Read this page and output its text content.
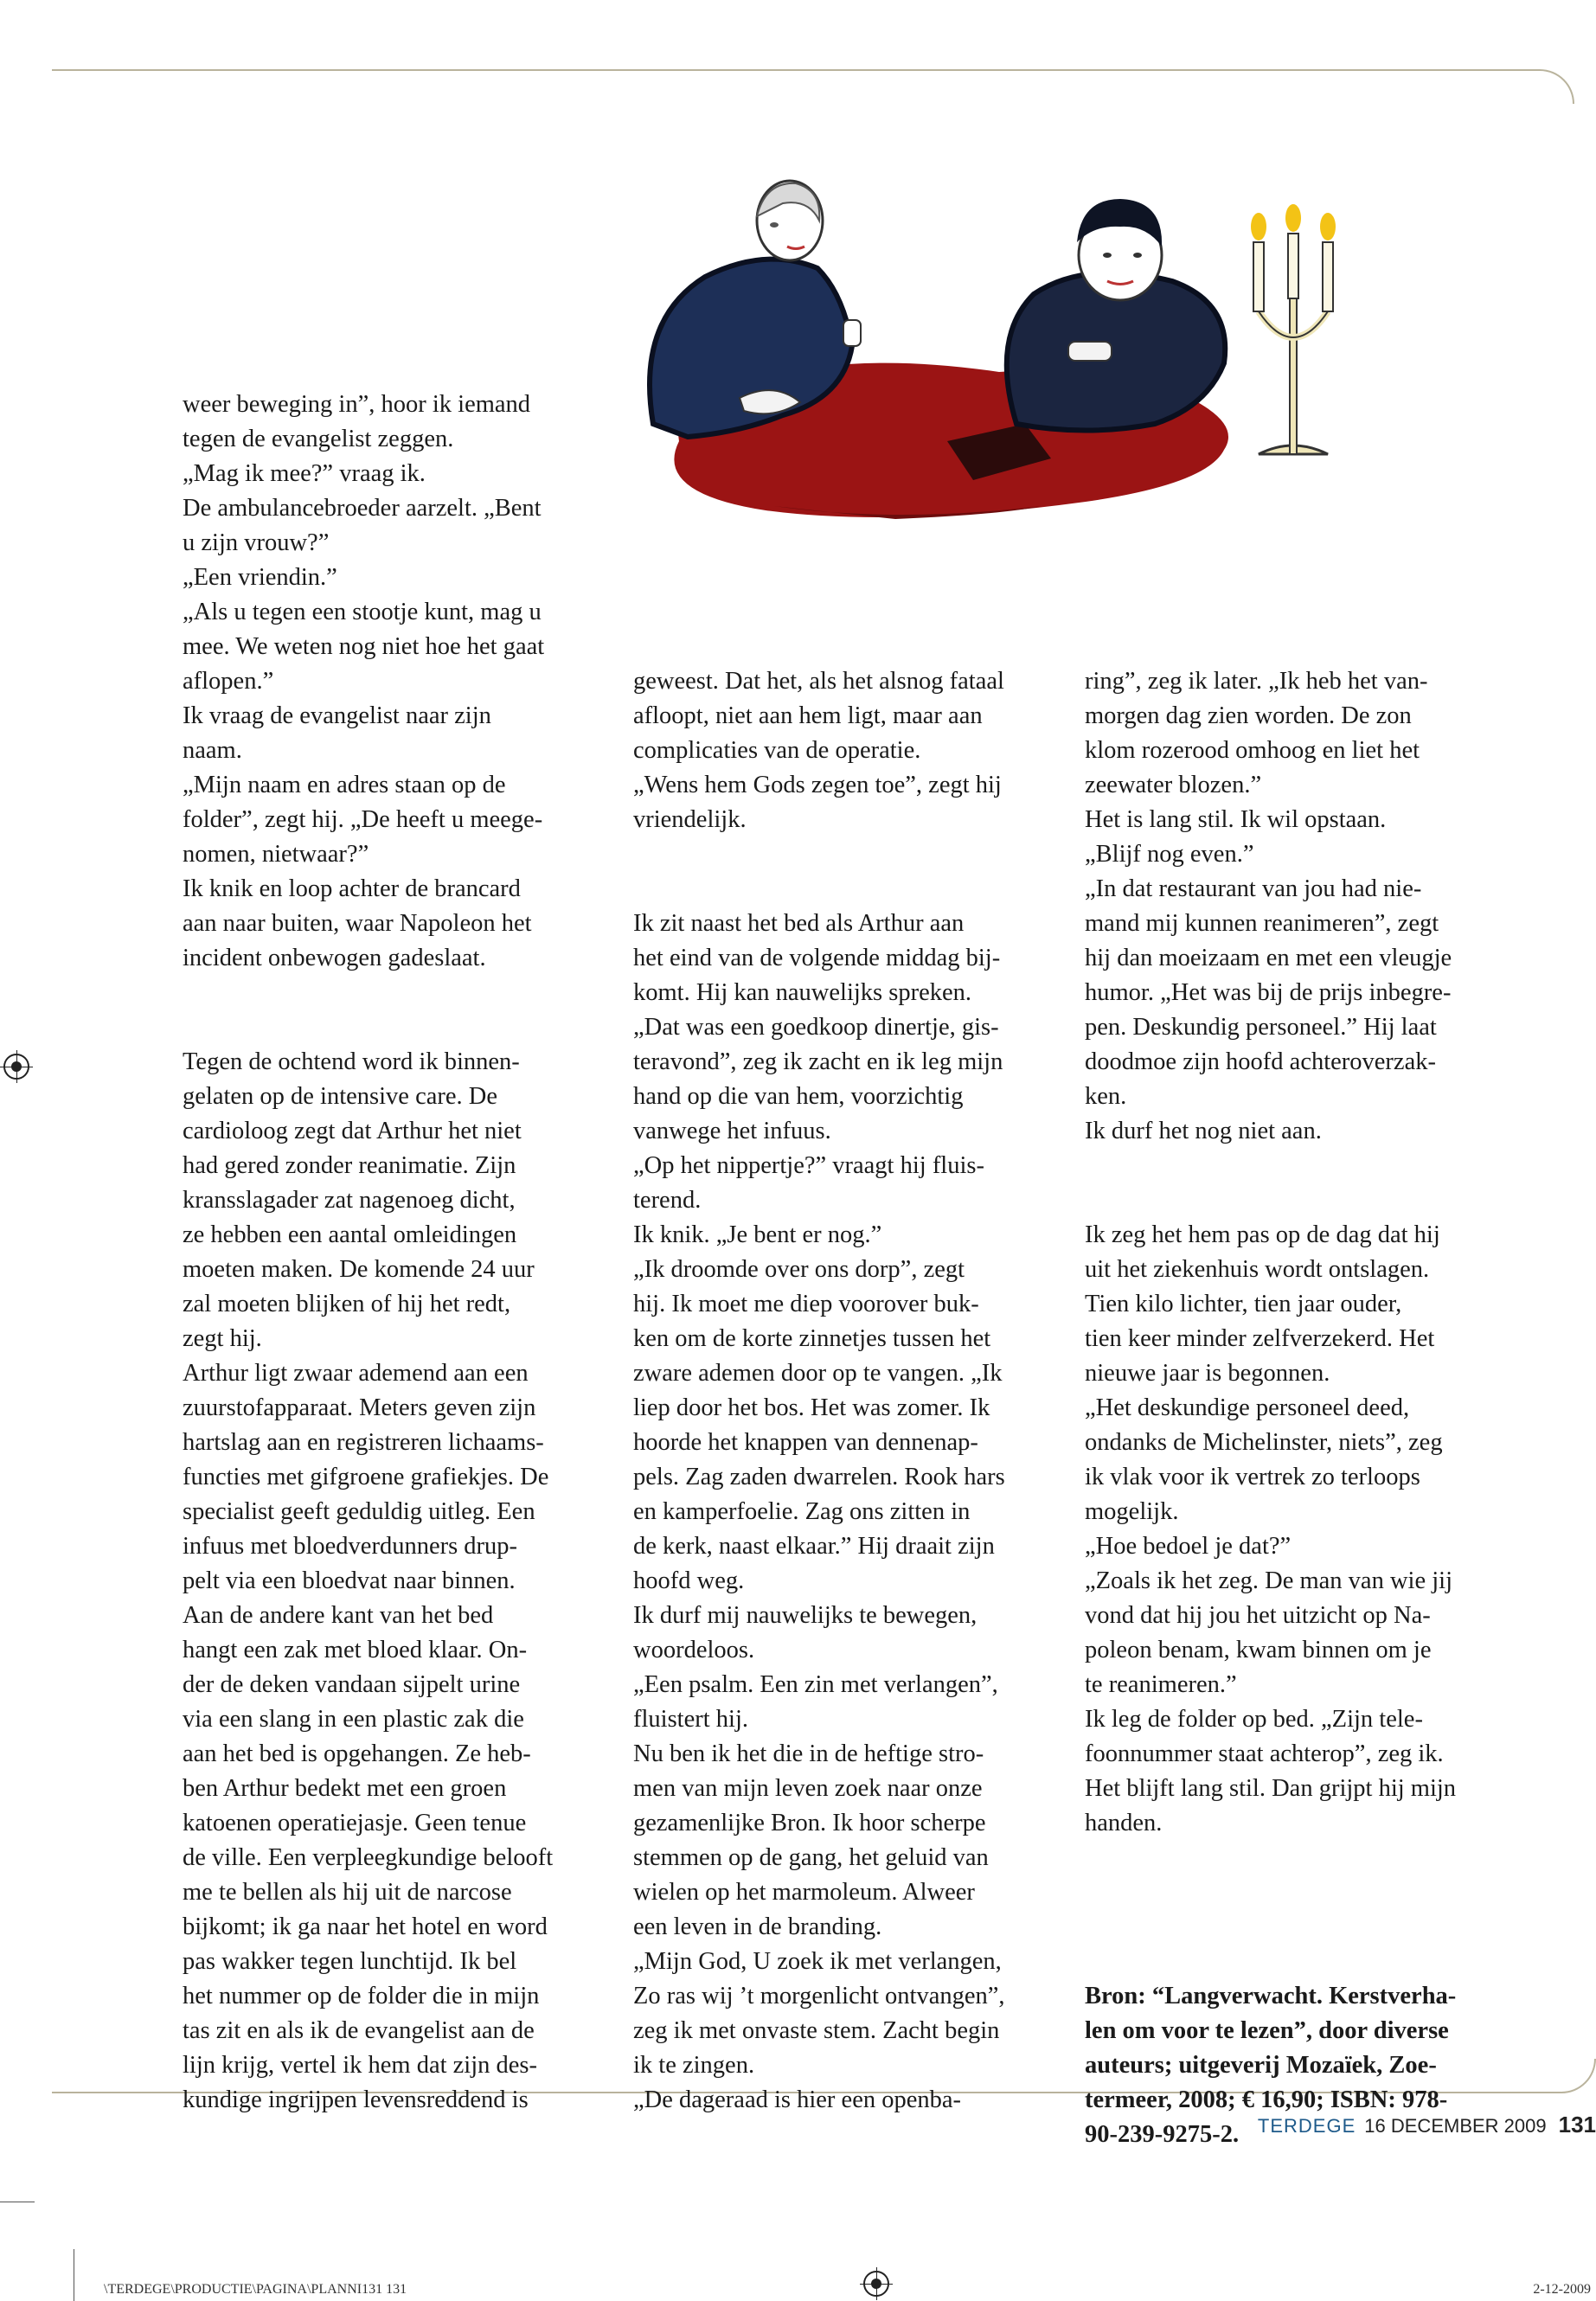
weer beweging in”, hoor ik iemand
tegen de evangelist zeggen.
„Mag ik mee?” vraag ik.
De ambulancebroeder aarzelt. „Bent
u zijn vrouw?”
„Een vriendin.”
„Als u tegen een stootje kunt, mag u
mee. We weten nog niet hoe het gaat
aflopen.”
Ik vraag de evangelist naar zijn
naam.
„Mijn naam en adres staan op de
folder”, zegt hij. „De heeft u meege-
nomen, nietwaar?”
Ik knik en loop achter de brancard
aan naar buiten, waar Napoleon het
incident onbewogen gadeslaat.

Tegen de ochtend word ik binnen-
gelaten op de intensive care. De
cardioloog zegt dat Arthur het niet
had gered zonder reanimatie. Zijn
kransslagader zat nagenoeg dicht,
ze hebben een aantal omleidingen
moeten maken. De komende 24 uur
zal moeten blijken of hij het redt,
zegt hij.
Arthur ligt zwaar ademend aan een
zuurstofapparaat. Meters geven zijn
hartslag aan en registreren lichaams-
functies met gifgroene grafiekjes. De
specialist geeft geduldig uitleg. Een
infuus met bloedverdunners drup-
pelt via een bloedvat naar binnen.
Aan de andere kant van het bed
hangt een zak met bloed klaar. On-
der de deken vandaan sijpelt urine
via een slang in een plastic zak die
aan het bed is opgehangen. Ze heb-
ben Arthur bedekt met een groen
katoenen operatiejasje. Geen tenue
de ville. Een verpleegkundige belooft
me te bellen als hij uit de narcose
bijkomt; ik ga naar het hotel en word
pas wakker tegen lunchtijd. Ik bel
het nummer op de folder die in mijn
tas zit en als ik de evangelist aan de
lijn krijg, vertel ik hem dat zijn des-
kundige ingrijpen levensreddend is

geweest. Dat het, als het alsnog fataal
afloopt, niet aan hem ligt, maar aan
complicaties van de operatie.
„Wens hem Gods zegen toe”, zegt hij
vriendelijk.

Ik zit naast het bed als Arthur aan
het eind van de volgende middag bij-
komt. Hij kan nauwelijks spreken.
„Dat was een goedkoop dinertje, gis-
teravond”, zeg ik zacht en ik leg mijn
hand op die van hem, voorzichtig
vanwege het infuus.
„Op het nippertje?” vraagt hij fluis-
terend.
Ik knik. „Je bent er nog.”
„Ik droomde over ons dorp”, zegt
hij. Ik moet me diep voorover buk-
ken om de korte zinnetjes tussen het
zware ademen door op te vangen. „Ik
liep door het bos. Het was zomer. Ik
hoorde het knappen van dennenap-
pels. Zag zaden dwarrelen. Rook hars
en kamperfoelie. Zag ons zitten in
de kerk, naast elkaar.” Hij draait zijn
hoofd weg.
Ik durf mij nauwelijks te bewegen,
woordeloos.
„Een psalm. Een zin met verlangen”,
fluistert hij.
Nu ben ik het die in de heftige stro-
men van mijn leven zoek naar onze
gezamenlijke Bron. Ik hoor scherpe
stemmen op de gang, het geluid van
wielen op het marmoleum. Alweer
een leven in de branding.
„Mijn God, U zoek ik met verlangen,
Zo ras wij ’t morgenlicht ontvangen”,
zeg ik met onvaste stem. Zacht begin
ik te zingen.
„De dageraad is hier een openba-

ring”, zeg ik later. „Ik heb het van-
morgen dag zien worden. De zon
klom rozerood omhoog en liet het
zeewater blozen.”
Het is lang stil. Ik wil opstaan.
„Blijf nog even.”
„In dat restaurant van jou had nie-
mand mij kunnen reanimeren”, zegt
hij dan moeizaam en met een vleugje
humor. „Het was bij de prijs inbegre-
pen. Deskundig personeel.” Hij laat
doodmoe zijn hoofd achteroverzak-
ken.
Ik durf het nog niet aan.

Ik zeg het hem pas op de dag dat hij
uit het ziekenhuis wordt ontslagen.
Tien kilo lichter, tien jaar ouder,
tien keer minder zelfverzekerd. Het
nieuwe jaar is begonnen.
„Het deskundige personeel deed,
ondanks de Michelinster, niets”, zeg
ik vlak voor ik vertrek zo terloops
mogelijk.
„Hoe bedoel je dat?”
„Zoals ik het zeg. De man van wie jij
vond dat hij jou het uitzicht op Na-
poleon benam, kwam binnen om je
te reanimeren.”
Ik leg de folder op bed. „Zijn tele-
foonnummer staat achterop”, zeg ik.
Het blijft lang stil. Dan grijpt hij mijn
handen.

Bron: “Langverwacht. Kerstverha-
len om voor te lezen”, door diverse
auteurs; uitgeverij Mozaïek, Zoe-
termeer, 2008; € 16,90; ISBN: 978-
90-239-9275-2. TERDEGE 16 DECEMBER 2009 131
\TERDEGE\PRODUCTIE\PAGINA\PLANNI131 131	2-12-2009
